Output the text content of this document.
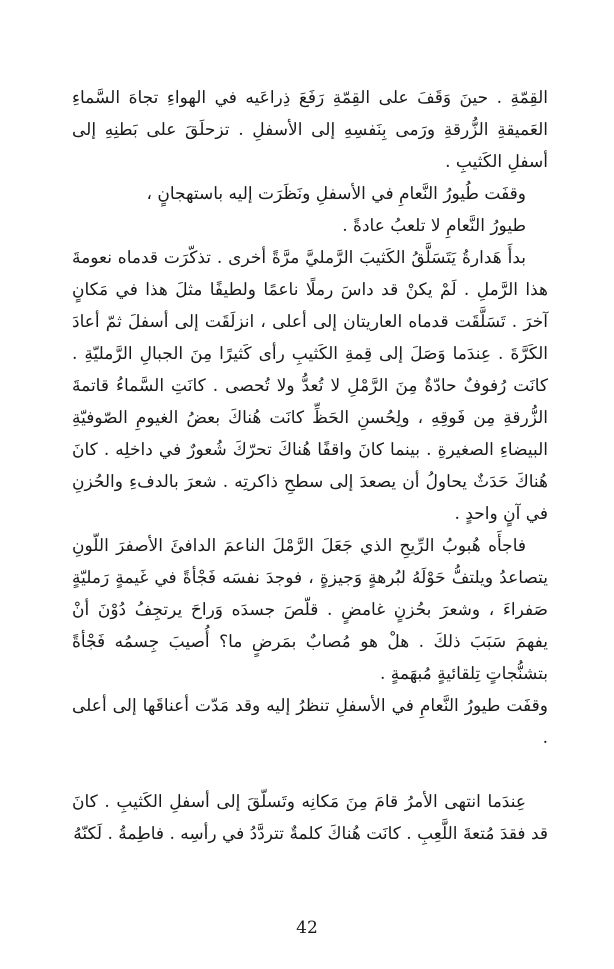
القِمّةِ . حينَ وَقَفَ على القِمّةِ رَفَعَ ذِراعَيه في الهواءِ تجاهَ السَّماءِ العَميقةِ الزُّرقةِ ورَمى بِنَفسِهِ إلى الأسفلِ . تزحلَقَ على بَطنِهِ إلى أسفلِ الكَثيبِ .

وقفَت طُيورُ النَّعامِ في الأسفلِ ونَظَرَت إليه باستهجانٍ ،

طيورُ النَّعامِ لا تلعبُ عادةً .

بدأَ هَدارةُ يَتَسَلَّقُ الكَثيبَ الرَّمليَّ مرَّةً أخرى . تذكّرَت قدماه نعومةَ هذا الرَّملِ . لَمْ يكنْ قد داسَ رملًا ناعمًا ولطيفًا مثلَ هذا في مَكانٍ آخرَ . تَسَلَّقَت قدماه العاريتان إلى أعلى ، انزلَقَت إلى أسفلَ ثمّ أعادَ الكَرَّةَ . عِندَما وَصَلَ إلى قِمةِ الكَثيبِ رأى كَثيرًا مِنَ الجبالِ الرَّمليّةِ . كانَت رُفوفٌ حادّةٌ مِنَ الرَّمْلِ لا تُعدُّ ولا تُحصى . كانَتِ السَّماءُ قاتمةَ الزُّرقةِ مِن فَوقِهِ ، ولِحُسنِ الحَظِّ كانَت هُناكَ بعضُ الغيومِ الصّوفيّةِ البيضاءِ الصغيرةِ . بينما كانَ واقفًا هُناكَ تحرّكَ شُعورٌ في داخلِه . كانَ هُناكَ حَدَثٌ يحاولُ أن يصعدَ إلى سطحِ ذاكرتِه . شعرَ بالدفءِ والحُزنِ في آنٍ واحدٍ .

فاجأَه هُبوبُ الرِّيحِ الذي جَعَلَ الرَّمْلَ الناعمَ الدافئَ الأصفرَ اللّونِ يتصاعدُ ويلتفُّ حَوْلَهُ لبُرهةٍ وَجيزةٍ ، فوجدَ نفسَه فَجْأةً في غَيمةٍ رَمليّةٍ صَفراءَ ، وشعرَ بحُزنٍ غامضٍ . قلّصَ جسدَه وَراحَ يرتجِفُ دُوْنَ أنْ يفهمَ سَبَبَ ذلكَ . هلْ هو مُصابٌ بمَرضٍ ما؟ أُصيبَ جِسمُه فَجْأةً بتشنُّجاتٍ تِلقائيةٍ مُبهَمةٍ .

وقفَت طيورُ النَّعامِ في الأسفلِ تنظرُ إليه وقد مَدّت أعناقَها إلى أعلى .

عِندَما انتهى الأمرُ قامَ مِنَ مَكانِه وتَسلّقَ إلى أسفلِ الكَثيبِ . كانَ قد فقدَ مُتعةَ اللَّعِبِ . كانَت هُناكَ كلمةٌ تتردَّدُ في رأسِه . فاطِمةُ . لَكنّهُ

42
